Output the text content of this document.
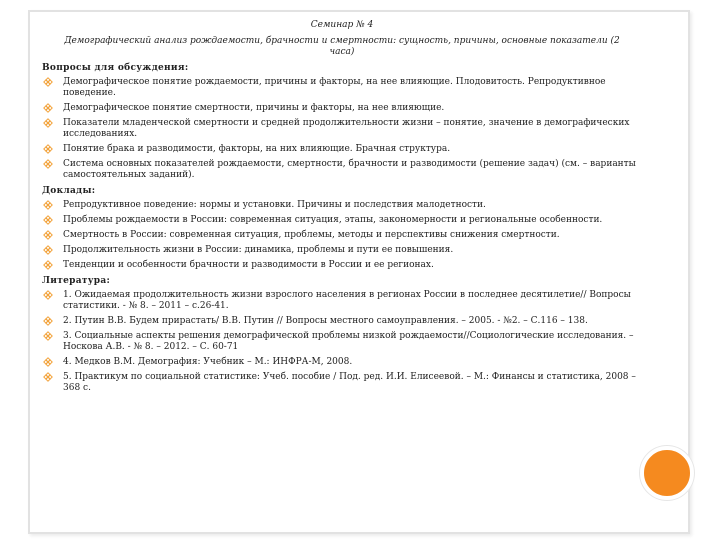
Семинар № 4
Демографический анализ рождаемости, брачности и смертности: сущность, причины, основные показатели (2 часа)
Вопросы для обсуждения:
Демографическое понятие рождаемости, причины и факторы, на нее влияющие. Плодовитость. Репродуктивное поведение.
Демографическое понятие смертности, причины и факторы, на нее влияющие.
Показатели младенческой смертности и средней продолжительности жизни – понятие, значение в демографических исследованиях.
Понятие брака и разводимости, факторы, на них влияющие. Брачная структура.
Система основных показателей рождаемости, смертности, брачности и разводимости (решение задач) (см. – варианты самостоятельных заданий).
Доклады:
Репродуктивное поведение: нормы и установки. Причины и последствия малодетности.
Проблемы рождаемости в России: современная ситуация, этапы, закономерности и региональные особенности.
Смертность в России: современная ситуация, проблемы, методы и перспективы снижения смертности.
Продолжительность жизни в России: динамика, проблемы и пути ее повышения.
Тенденции и особенности брачности и разводимости в России и ее регионах.
Литература:
1. Ожидаемая продолжительность жизни взрослого населения в регионах России в последнее десятилетие// Вопросы статистики. - № 8. – 2011 – с.26-41.
2. Путин В.В. Будем прирастать/ В.В. Путин // Вопросы местного самоуправления. – 2005. - №2. – С.116 – 138.
3. Социальные аспекты решения демографической проблемы низкой рождаемости//Социологические исследования. – Носкова А.В. - № 8. – 2012. – С. 60-71
4. Медков В.М. Демография: Учебник – М.: ИНФРА-М, 2008.
5. Практикум по социальной статистике: Учеб. пособие / Под. ред. И.И. Елисеевой. – М.: Финансы и статистика, 2008 – 368 с.
